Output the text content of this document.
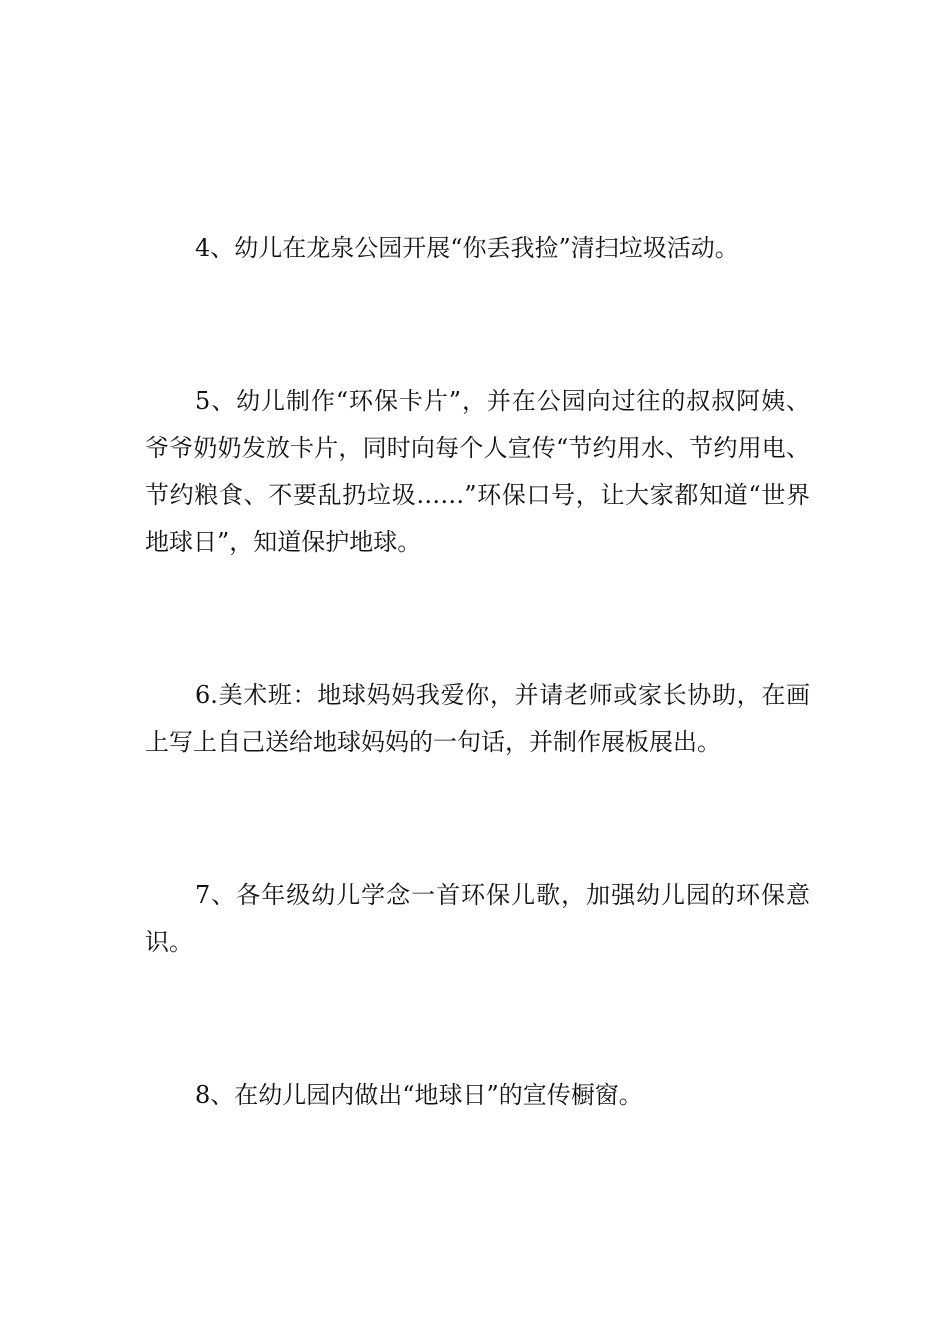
4、幼儿在龙泉公园开展“你丢我捡”清扫垃圾活动。

5、幼儿制作“环保卡片”，并在公园向过往的叔叔阿姨、爷爷奶奶发放卡片，同时向每个人宣传“节约用水、节约用电、节约粮食、不要乱扔垃圾……”环保口号，让大家都知道“世界地球日”，知道保护地球。

6.美术班：地球妈妈我爱你，并请老师或家长协助，在画上写上自己送给地球妈妈的一句话，并制作展板展出。

7、各年级幼儿学念一首环保儿歌，加强幼儿园的环保意识。

8、在幼儿园内做出“地球日”的宣传橱窗。
